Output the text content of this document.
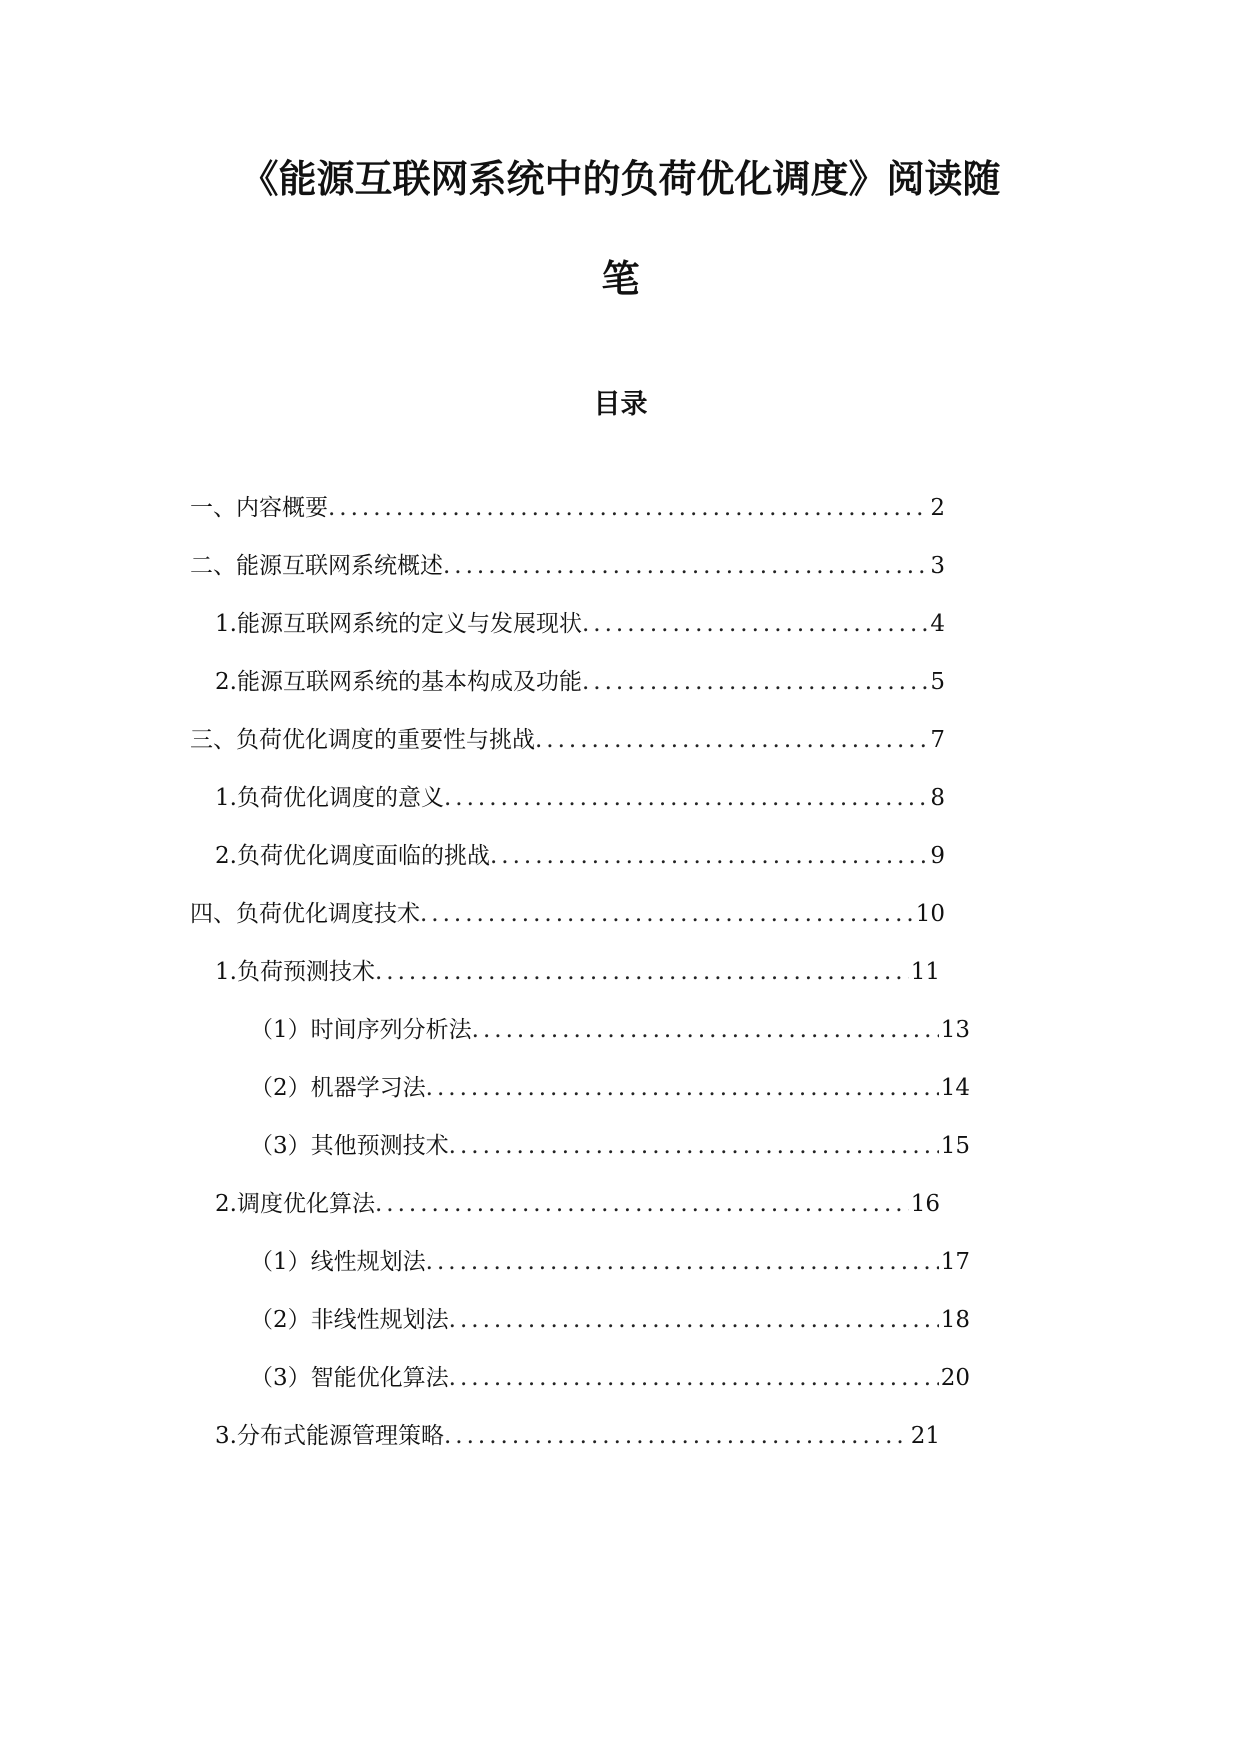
《能源互联网系统中的负荷优化调度》阅读随
笔
目录
一、内容概要 .....	2
二、能源互联网系统概述 .....	3
1. 能源互联网系统的定义与发展现状 .....	4
2. 能源互联网系统的基本构成及功能 .....	5
三、负荷优化调度的重要性与挑战 .....	7
1. 负荷优化调度的意义 .....	8
2. 负荷优化调度面临的挑战 .....	9
四、负荷优化调度技术 .....	10
1. 负荷预测技术 .....	11
（1）时间序列分析法 .....	13
（2）机器学习法 .....	14
（3）其他预测技术 .....	15
2. 调度优化算法 .....	16
（1）线性规划法 .....	17
（2）非线性规划法 .....	18
（3）智能优化算法 .....	20
3. 分布式能源管理策略 .....	21
